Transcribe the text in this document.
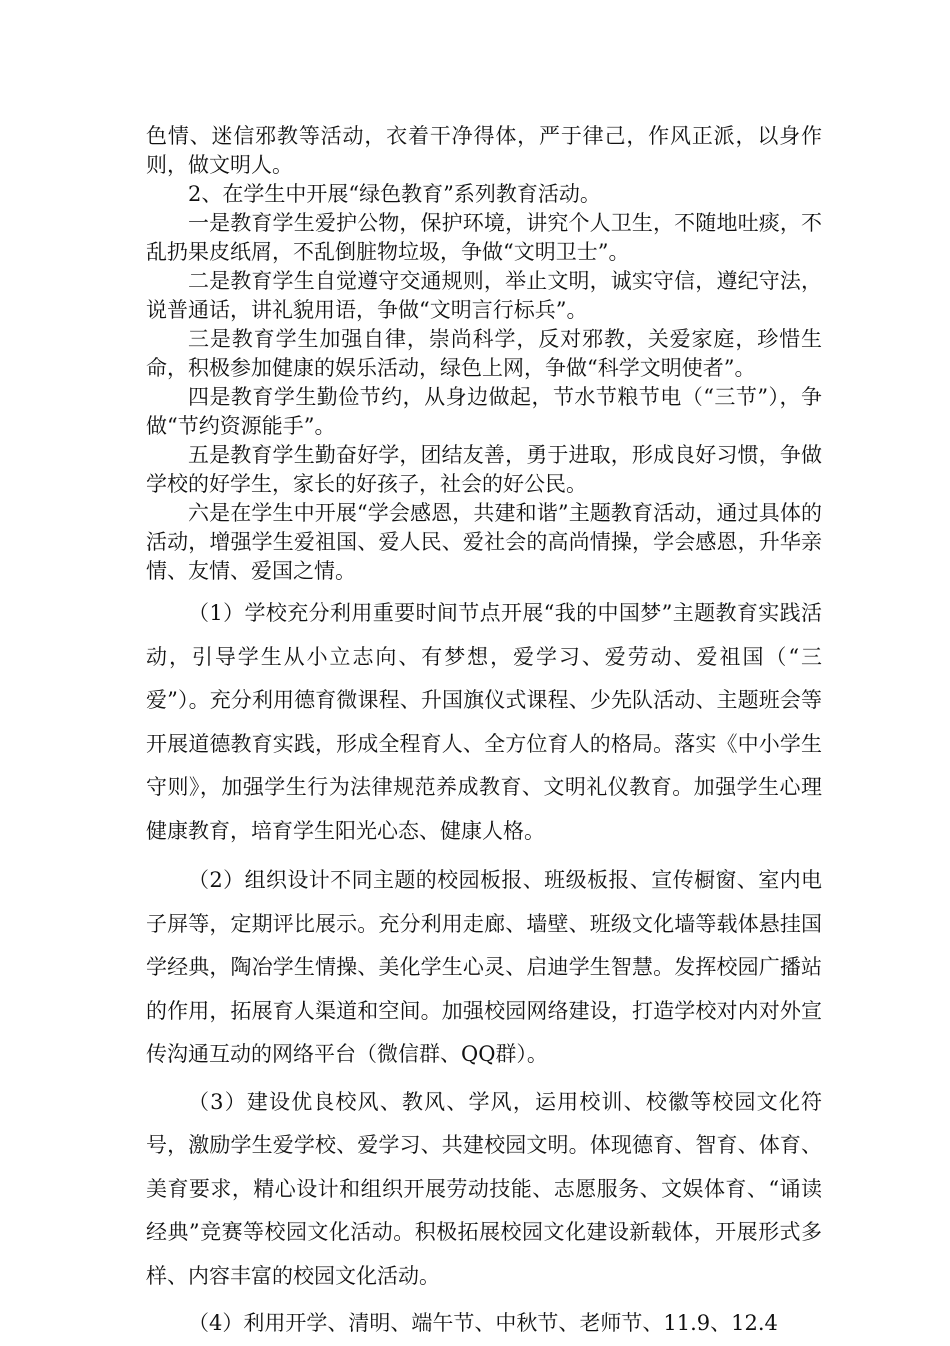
色情、迷信邪教等活动，衣着干净得体，严于律己，作风正派，以身作则，做文明人。

2、在学生中开展“绿色教育”系列教育活动。

一是教育学生爱护公物，保护环境，讲究个人卫生，不随地吐痰，不乱扔果皮纸屑，不乱倒脏物垃圾，争做“文明卫士”。

二是教育学生自觉遵守交通规则，举止文明，诚实守信，遵纪守法，说普通话，讲礼貌用语，争做“文明言行标兵”。

三是教育学生加强自律，崇尚科学，反对邪教，关爱家庭，珍惜生命，积极参加健康的娱乐活动，绿色上网，争做“科学文明使者”。

四是教育学生勤俭节约，从身边做起，节水节粮节电（“三节”），争做“节约资源能手”。

五是教育学生勤奋好学，团结友善，勇于进取，形成良好习惯，争做学校的好学生，家长的好孩子，社会的好公民。

六是在学生中开展“学会感恩，共建和谐”主题教育活动，通过具体的活动，增强学生爱祖国、爱人民、爱社会的高尚情操，学会感恩，升华亲情、友情、爱国之情。

（1）学校充分利用重要时间节点开展“我的中国梦”主题教育实践活动，引导学生从小立志向、有梦想，爱学习、爱劳动、爱祖国（“三爱”）。充分利用德育微课程、升国旗仪式课程、少先队活动、主题班会等开展道德教育实践，形成全程育人、全方位育人的格局。落实《中小学生守则》，加强学生行为法律规范养成教育、文明礼仪教育。加强学生心理健康教育，培育学生阳光心态、健康人格。

（2）组织设计不同主题的校园板报、班级板报、宣传橱窗、室内电子屏等，定期评比展示。充分利用走廊、墙壁、班级文化墙等载体悬挂国学经典，陶冶学生情操、美化学生心灵、启迪学生智慧。发挥校园广播站的作用，拓展育人渠道和空间。加强校园网络建设，打造学校对内对外宣传沟通互动的网络平台（微信群、QQ群）。

（3）建设优良校风、教风、学风，运用校训、校徽等校园文化符号，激励学生爱学校、爱学习、共建校园文明。体现德育、智育、体育、美育要求，精心设计和组织开展劳动技能、志愿服务、文娱体育、“诵读经典”竞赛等校园文化活动。积极拓展校园文化建设新载体，开展形式多样、内容丰富的校园文化活动。

（4）利用开学、清明、端午节、中秋节、老师节、11.9、12.4
